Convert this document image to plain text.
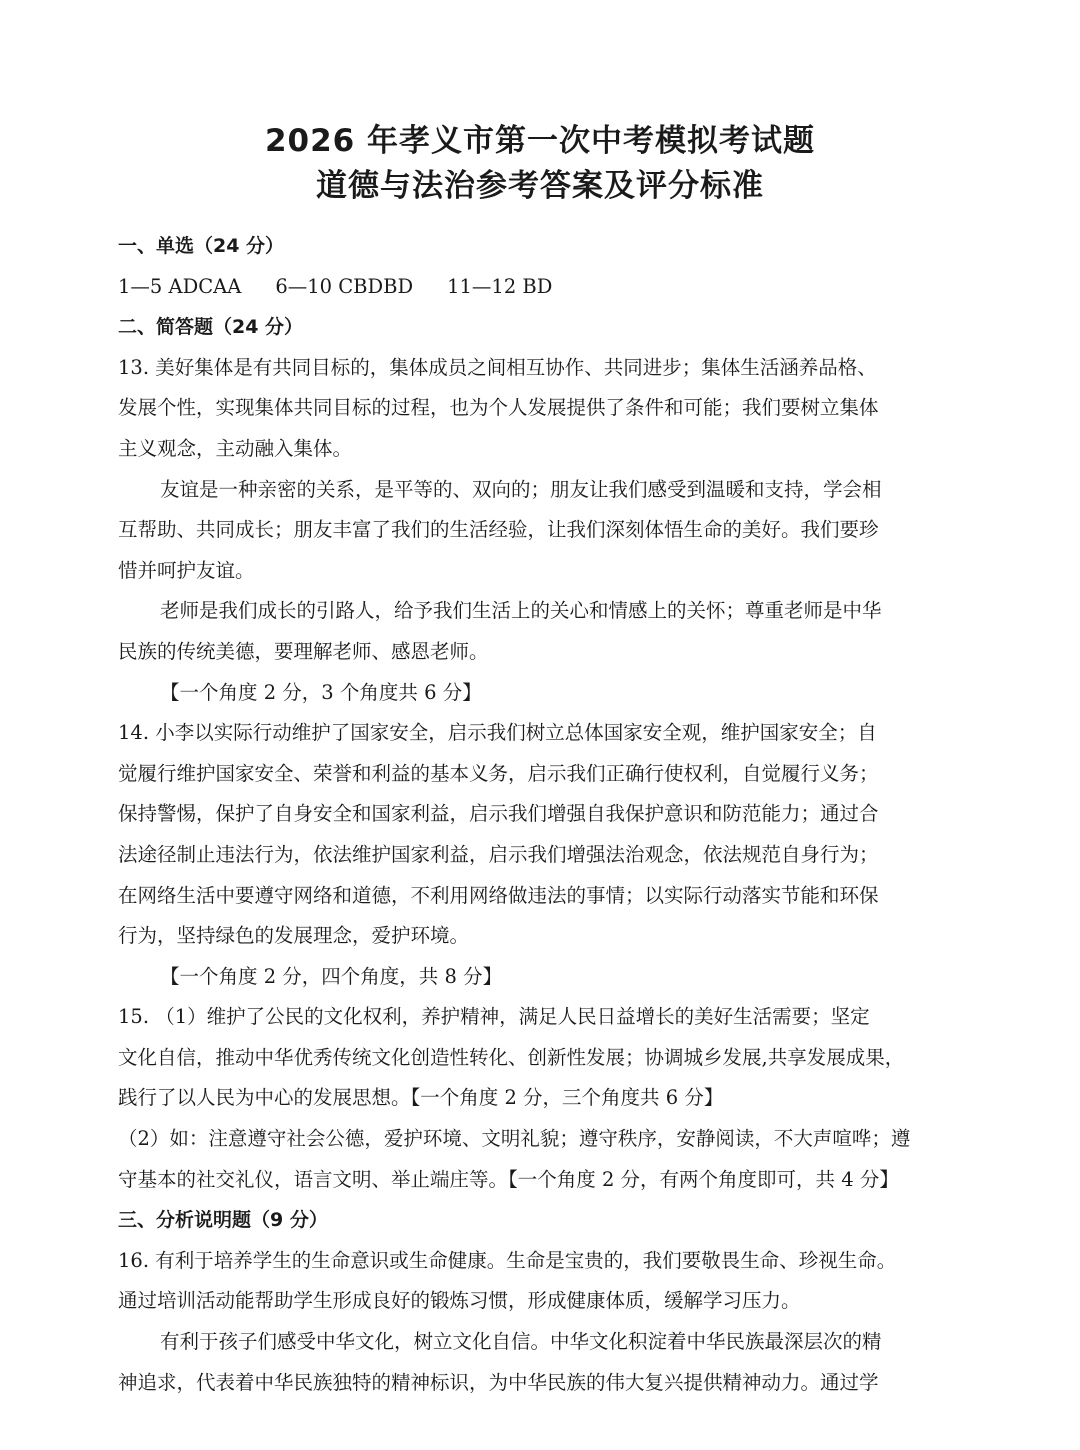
2026 年孝义市第一次中考模拟考试题
道德与法治参考答案及评分标准
一、单选（24 分）
1—5 ADCAA 6—10 CBDBD 11—12 BD
二、简答题（24 分）
13. 美好集体是有共同目标的，集体成员之间相互协作、共同进步；集体生活涵养品格、
发展个性，实现集体共同目标的过程，也为个人发展提供了条件和可能；我们要树立集体
主义观念，主动融入集体。
友谊是一种亲密的关系，是平等的、双向的；朋友让我们感受到温暖和支持，学会相
互帮助、共同成长；朋友丰富了我们的生活经验，让我们深刻体悟生命的美好。我们要珍
惜并呵护友谊。
老师是我们成长的引路人，给予我们生活上的关心和情感上的关怀；尊重老师是中华
民族的传统美德，要理解老师、感恩老师。
【一个角度 2 分，3 个角度共 6 分】
14. 小李以实际行动维护了国家安全，启示我们树立总体国家安全观，维护国家安全；自
觉履行维护国家安全、荣誉和利益的基本义务，启示我们正确行使权利，自觉履行义务；
保持警惕，保护了自身安全和国家利益，启示我们增强自我保护意识和防范能力；通过合
法途径制止违法行为，依法维护国家利益，启示我们增强法治观念，依法规范自身行为；
在网络生活中要遵守网络和道德，不利用网络做违法的事情；以实际行动落实节能和环保
行为，坚持绿色的发展理念，爱护环境。
【一个角度 2 分，四个角度，共 8 分】
15. （1）维护了公民的文化权利，养护精神，满足人民日益增长的美好生活需要；坚定
文化自信，推动中华优秀传统文化创造性转化、创新性发展；协调城乡发展,共享发展成果，
践行了以人民为中心的发展思想。【一个角度 2 分，三个角度共 6 分】
（2）如：注意遵守社会公德，爱护环境、文明礼貌；遵守秩序，安静阅读，不大声喧哗；遵
守基本的社交礼仪，语言文明、举止端庄等。【一个角度 2 分，有两个角度即可，共 4 分】
三、分析说明题（9 分）
16. 有利于培养学生的生命意识或生命健康。生命是宝贵的，我们要敬畏生命、珍视生命。
通过培训活动能帮助学生形成良好的锻炼习惯，形成健康体质，缓解学习压力。
有利于孩子们感受中华文化，树立文化自信。中华文化积淀着中华民族最深层次的精
神追求，代表着中华民族独特的精神标识，为中华民族的伟大复兴提供精神动力。通过学
